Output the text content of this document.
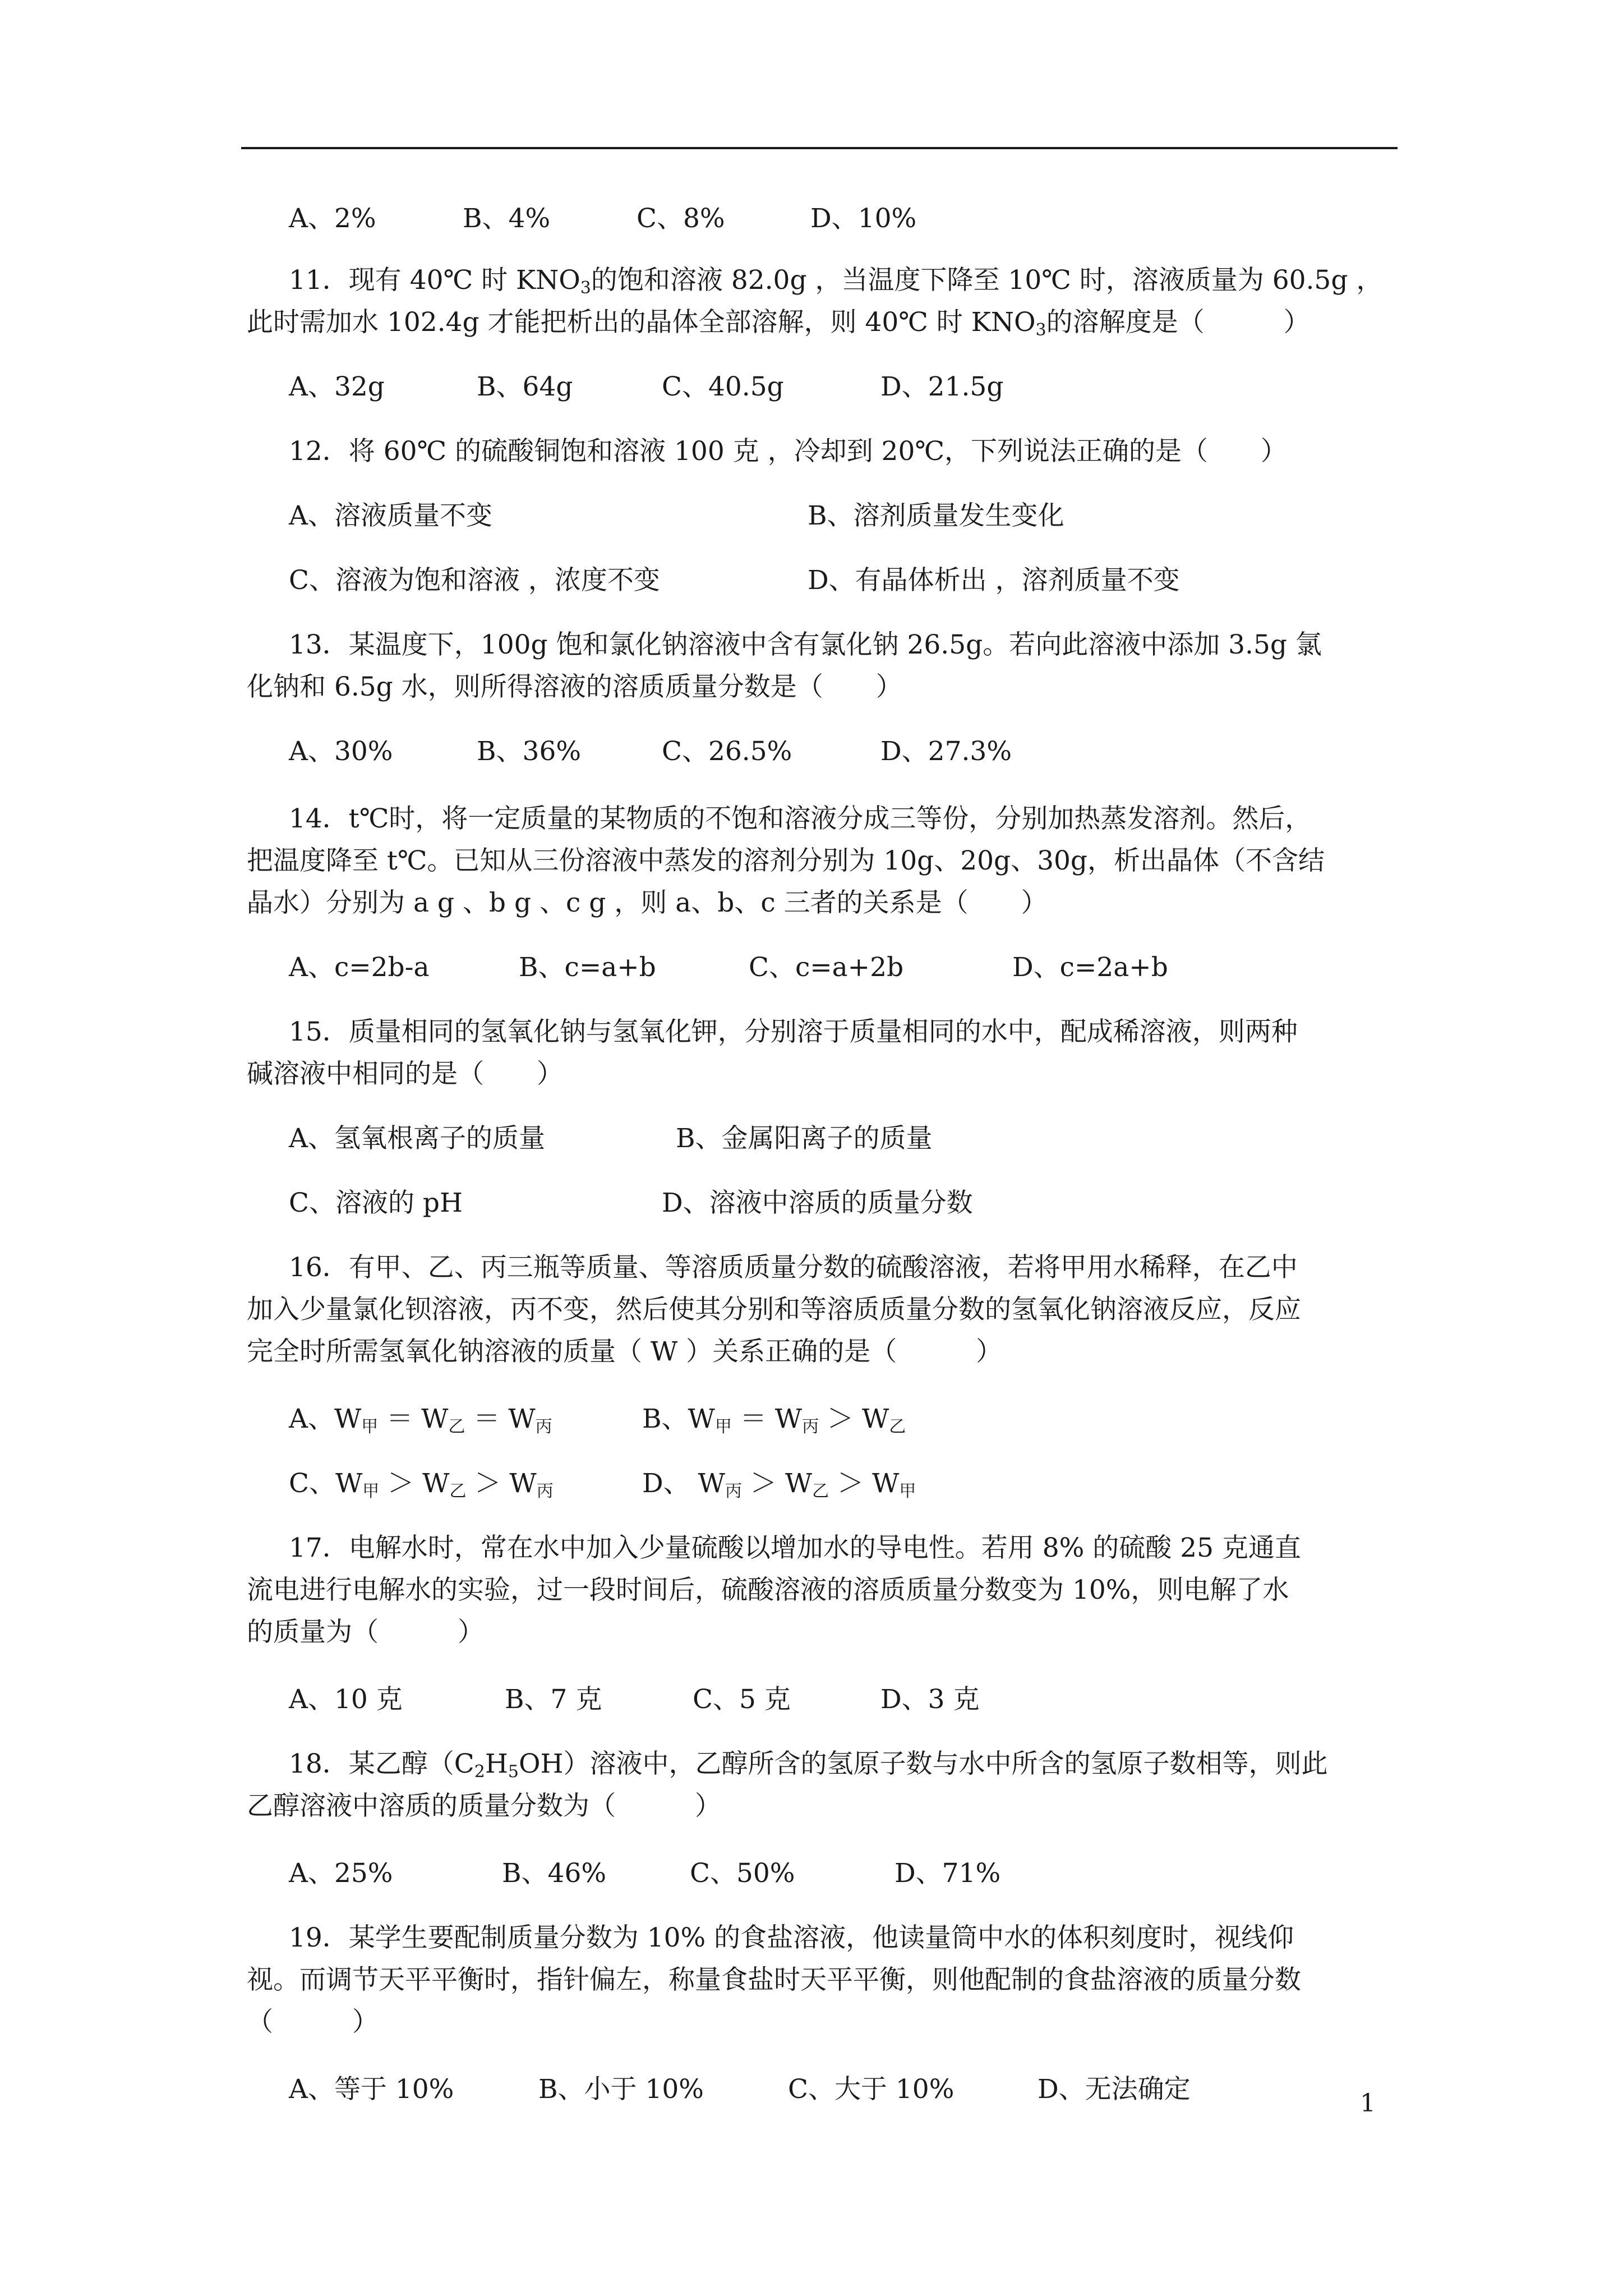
A、2%	B、4%	C、8%	D、10%
11．现有 40℃ 时 $KNO_3$的饱和溶液 82.0g ，当温度下降至 10℃ 时，溶液质量为 60.5g ，
此时需加水 102.4g 才能把析出的晶体全部溶解，则 40℃ 时 $KNO_3$的溶解度是（　　　）
A、32g	B、64g	C、40.5g	D、21.5g
12．将 60℃ 的硫酸铜饱和溶液 100 克 ，冷却到 20℃，下列说法正确的是（　　）
A、溶液质量不变	B、溶剂质量发生变化
C、溶液为饱和溶液 ，浓度不变	D、有晶体析出 ，溶剂质量不变
13．某温度下，100g 饱和氯化钠溶液中含有氯化钠 26.5g。若向此溶液中添加 3.5g 氯
化钠和 6.5g 水，则所得溶液的溶质质量分数是（　　）
A、30%	B、36%	C、26.5%	D、27.3%
14．t℃时，将一定质量的某物质的不饱和溶液分成三等份，分别加热蒸发溶剂。然后，
把温度降至 t℃。已知从三份溶液中蒸发的溶剂分别为 10g、20g、30g，析出晶体（不含结
晶水）分别为 a g 、b g 、c g ，则 a、b、c 三者的关系是（　　）
A、c=2b-a	B、c=a+b	C、c=a+2b	D、c=2a+b
15．质量相同的氢氧化钠与氢氧化钾，分别溶于质量相同的水中，配成稀溶液，则两种
碱溶液中相同的是（　　）
A、氢氧根离子的质量	B、金属阳离子的质量
C、溶液的 pH	D、溶液中溶质的质量分数
16．有甲、乙、丙三瓶等质量、等溶质质量分数的硫酸溶液，若将甲用水稀释，在乙中
加入少量氯化钡溶液，丙不变，然后使其分别和等溶质质量分数的氢氧化钠溶液反应，反应
完全时所需氢氧化钠溶液的质量（ W ）关系正确的是（　　　）
A、$W_甲 = W_乙 = W_丙$	B、$W_甲 = W_丙 > W_乙$
C、$W_甲 > W_乙 > W_丙$	D、 $W_丙 > W_乙 > W_甲$
17．电解水时，常在水中加入少量硫酸以增加水的导电性。若用 8% 的硫酸 25 克通直
流电进行电解水的实验，过一段时间后，硫酸溶液的溶质质量分数变为 10%，则电解了水
的质量为（　　　）
A、10 克	B、7 克	C、5 克	D、3 克
18．某乙醇$(C_2H_5OH)$溶液中，乙醇所含的氢原子数与水中所含的氢原子数相等，则此
乙醇溶液中溶质的质量分数为（　　　）
A、25%	B、46%	C、50%	D、71%
19．某学生要配制质量分数为 10% 的食盐溶液，他读量筒中水的体积刻度时，视线仰
视。而调节天平平衡时，指针偏左，称量食盐时天平平衡，则他配制的食盐溶液的质量分数
（　　　）
A、等于 10%	B、小于 10%	C、大于 10%	D、无法确定	1
